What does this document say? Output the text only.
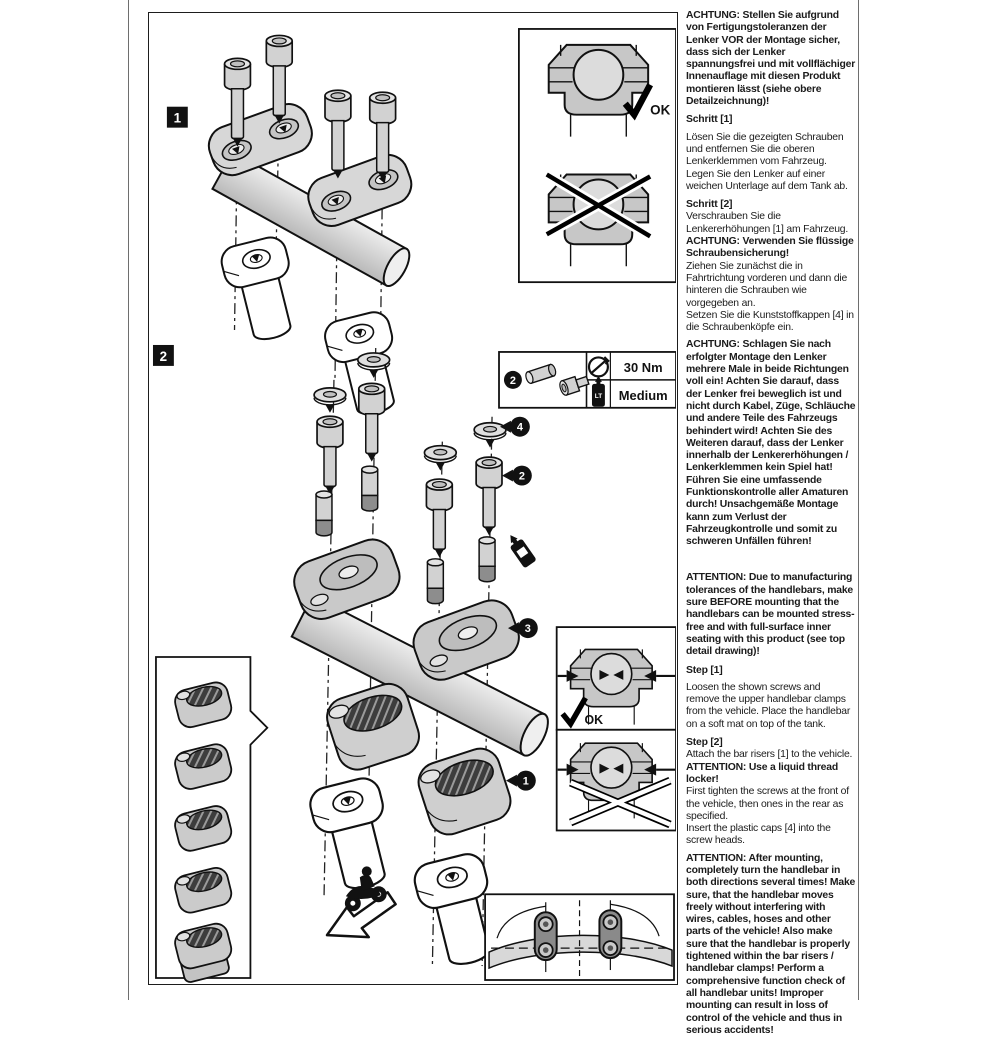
1
OK
2
30 Nm
LT Medium
4
2
3
1
2
OK

ACHTUNG: Stellen Sie aufgrund von Fertigungstoleranzen der Lenker VOR der Montage sicher, dass sich der Lenker spannungsfrei und mit vollflächiger Innenauflage mit diesen Produkt montieren lässt (siehe obere Detailzeichnung)!

Schritt [1]

Lösen Sie die gezeigten Schrauben und entfernen Sie die oberen Lenkerklemmen vom Fahrzeug. Legen Sie den Lenker auf einer weichen Unterlage auf dem Tank ab.

Schritt [2]

Verschrauben Sie die Lenkererhöhungen [1] am Fahrzeug.

ACHTUNG: Verwenden Sie flüssige Schraubensicherung!

Ziehen Sie zunächst die in Fahrtrichtung vorderen und dann die hinteren die Schrauben wie vorgegeben an.

Setzen Sie die Kunststoffkappen [4] in die Schraubenköpfe ein.

ACHTUNG: Schlagen Sie nach erfolgter Montage den Lenker mehrere Male in beide Richtungen voll ein! Achten Sie darauf, dass der Lenker frei beweglich ist und nicht durch Kabel, Züge, Schläuche und andere Teile des Fahrzeugs behindert wird! Achten Sie des Weiteren darauf, dass der Lenker innerhalb der Lenkererhöhungen / Lenkerklemmen kein Spiel hat! Führen Sie eine umfassende Funktionskontrolle aller Amaturen durch! Unsachgemäße Montage kann zum Verlust der Fahrzeugkontrolle und somit zu schweren Unfällen führen!

ATTENTION: Due to manufacturing tolerances of the handlebars, make sure BEFORE mounting that the handlebars can be mounted stress-free and with full-surface inner seating with this product (see top detail drawing)!

Step [1]

Loosen the shown screws and remove the upper handlebar clamps from the vehicle. Place the handlebar on a soft mat on top of the tank.

Step [2]

Attach the bar risers [1] to the vehicle.

ATTENTION: Use a liquid thread locker!

First tighten the screws at the front of the vehicle, then ones in the rear as specified.

Insert the plastic caps [4] into the screw heads.

ATTENTION: After mounting, completely turn the handlebar in both directions several times! Make sure, that the handlebar moves freely without interfering with wires, cables, hoses and other parts of the vehicle! Also make sure that the handlebar is properly tightened within the bar risers / handlebar clamps! Perform a comprehensive function check of all handlebar units! Improper mounting can result in loss of control of the vehicle and thus in serious accidents!
